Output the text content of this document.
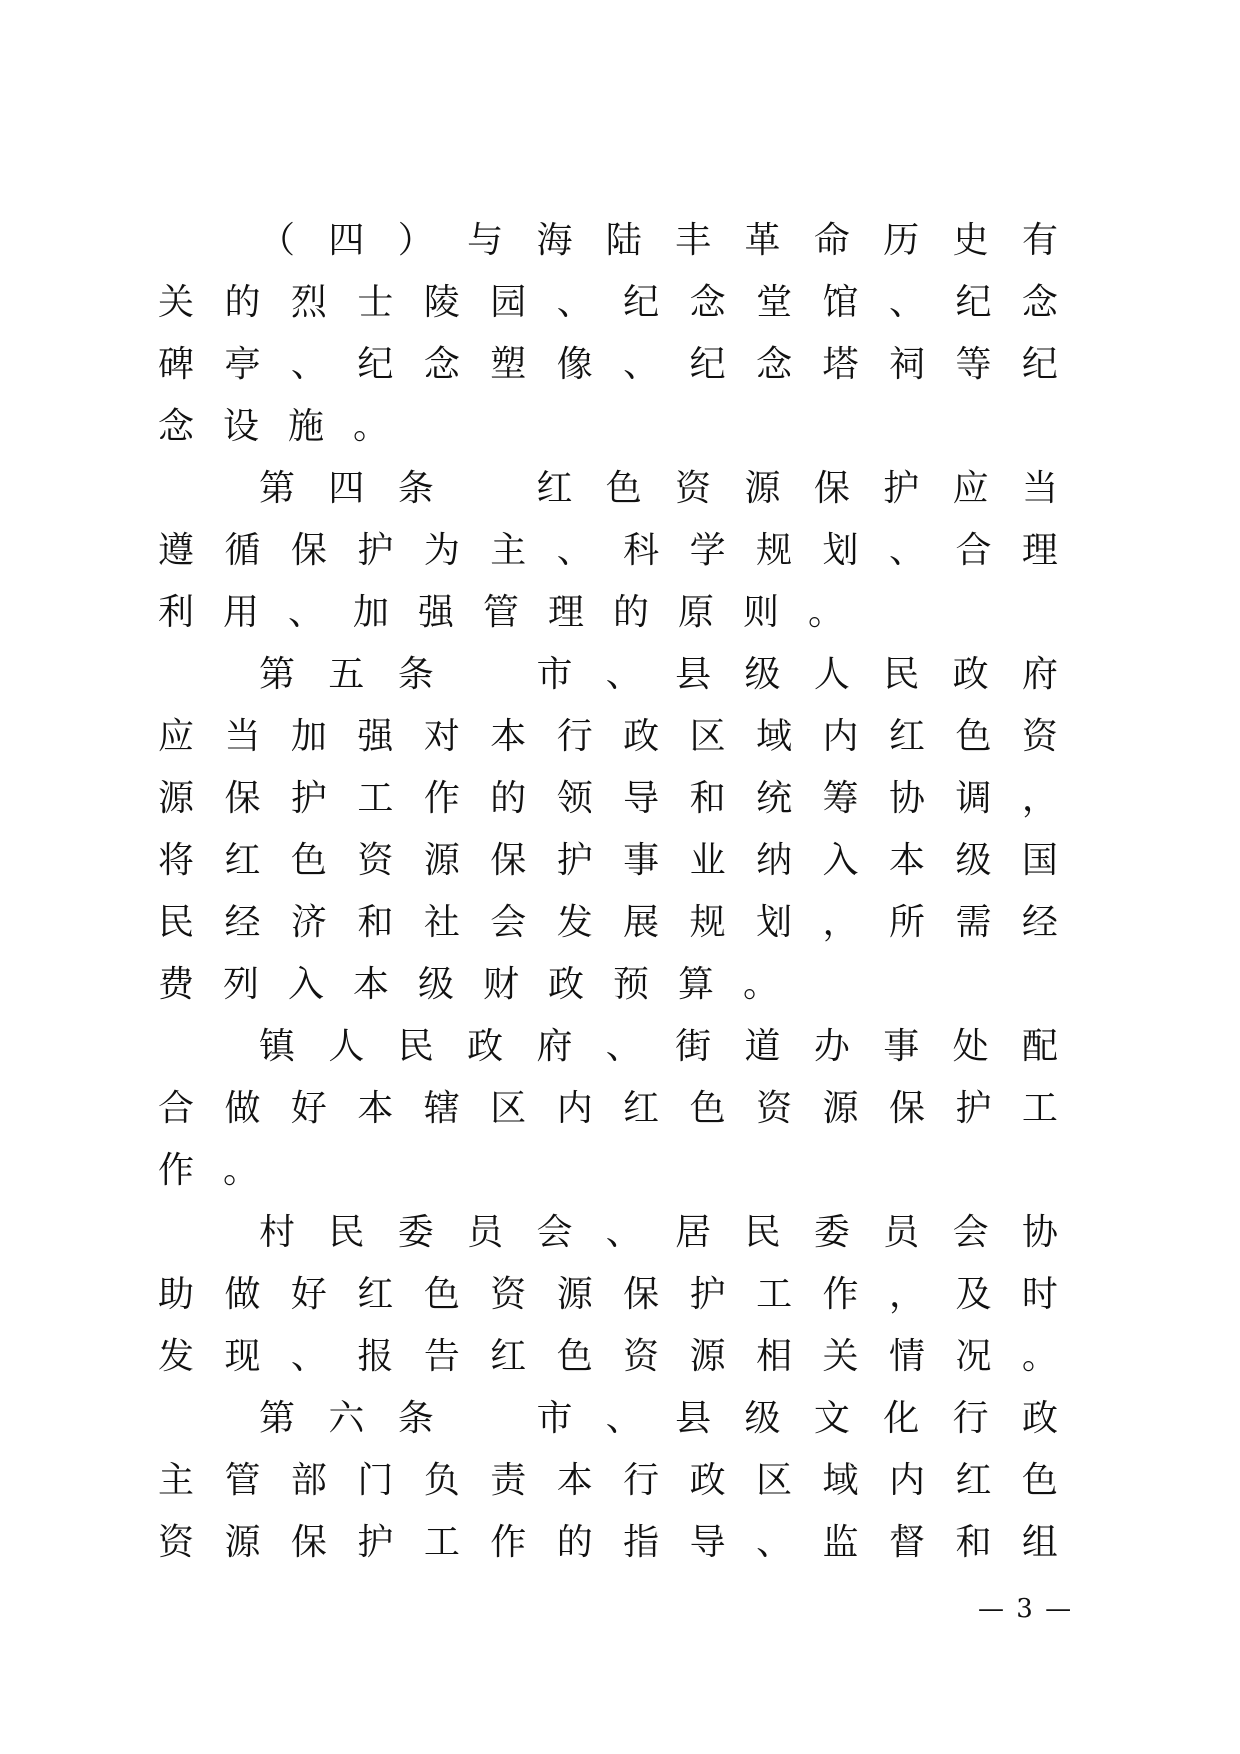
（ 四 ） 与 海 陆 丰 革 命 历 史 有
关 的 烈 士 陵 园 、 纪 念 堂 馆 、 纪 念
碑 亭 、 纪 念 塑 像 、 纪 念 塔 祠 等 纪
念 设 施 。
第 四 条	红 色 资 源 保 护 应 当
遵 循 保 护 为 主 、 科 学 规 划 、 合 理
利 用 、 加 强 管 理 的 原 则 。
第 五 条	市 、 县 级 人 民 政 府
应 当 加 强 对 本 行 政 区 域 内 红 色 资
源 保 护 工 作 的 领 导 和 统 筹 协 调 ，
将 红 色 资 源 保 护 事 业 纳 入 本 级 国
民 经 济 和 社 会 发 展 规 划 ， 所 需 经
费 列 入 本 级 财 政 预 算 。
镇 人 民 政 府 、 街 道 办 事 处 配
合 做 好 本 辖 区 内 红 色 资 源 保 护 工
作 。
村 民 委 员 会 、 居 民 委 员 会 协
助 做 好 红 色 资 源 保 护 工 作 ， 及 时
发 现 、 报 告 红 色 资 源 相 关 情 况 。
第 六 条	市 、 县 级 文 化 行 政
主 管 部 门 负 责 本 行 政 区 域 内 红 色
资 源 保 护 工 作 的 指 导 、 监 督 和 组
— 3 —
